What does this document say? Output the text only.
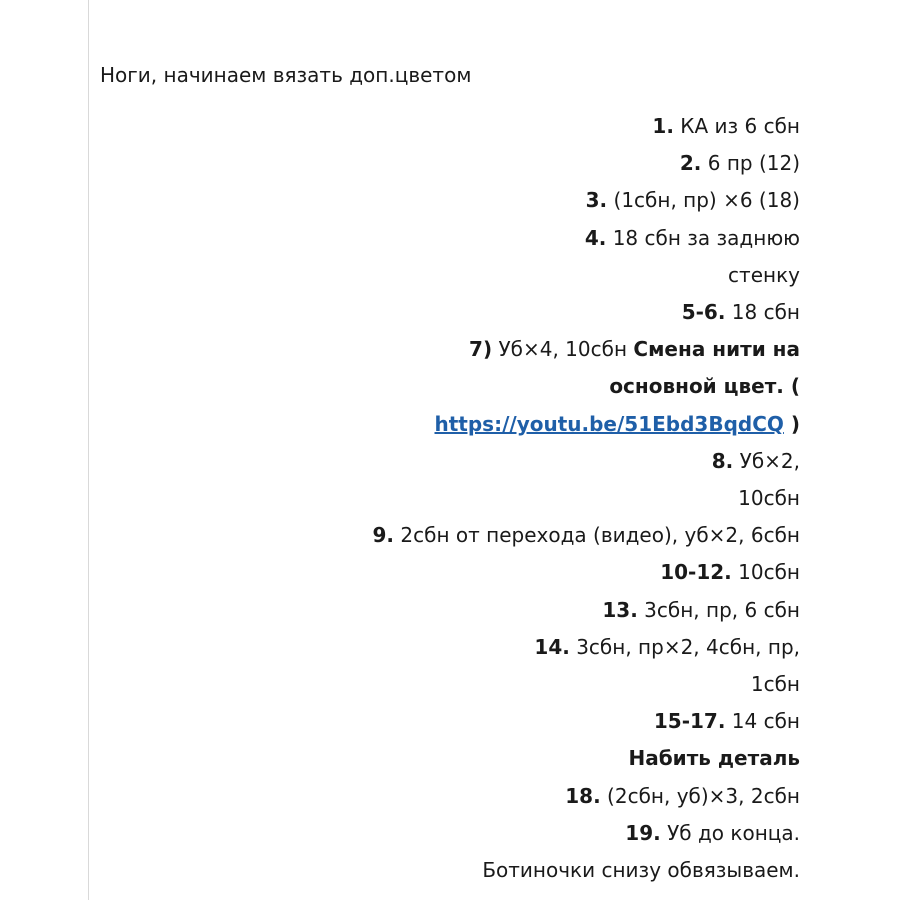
Ноги, начинаем вязать доп.цветом
1. КА из 6 сбн
2. 6 пр (12)
3. (1сбн, пр) ×6 (18)
4. 18 сбн за заднюю
стенку
5-6. 18 сбн
7) Уб×4, 10сбн Смена нити на
основной цвет. (
https://youtu.be/51Ebd3BqdCQ )
8. Уб×2,
10сбн
9. 2сбн от перехода (видео), уб×2, 6сбн
10-12. 10сбн
13. 3сбн, пр, 6 сбн
14. 3сбн, пр×2, 4сбн, пр,
1сбн
15-17. 14 сбн
Набить деталь
18. (2сбн, уб)×3, 2сбн
19. Уб до конца.
Ботиночки снизу обвязываем.
